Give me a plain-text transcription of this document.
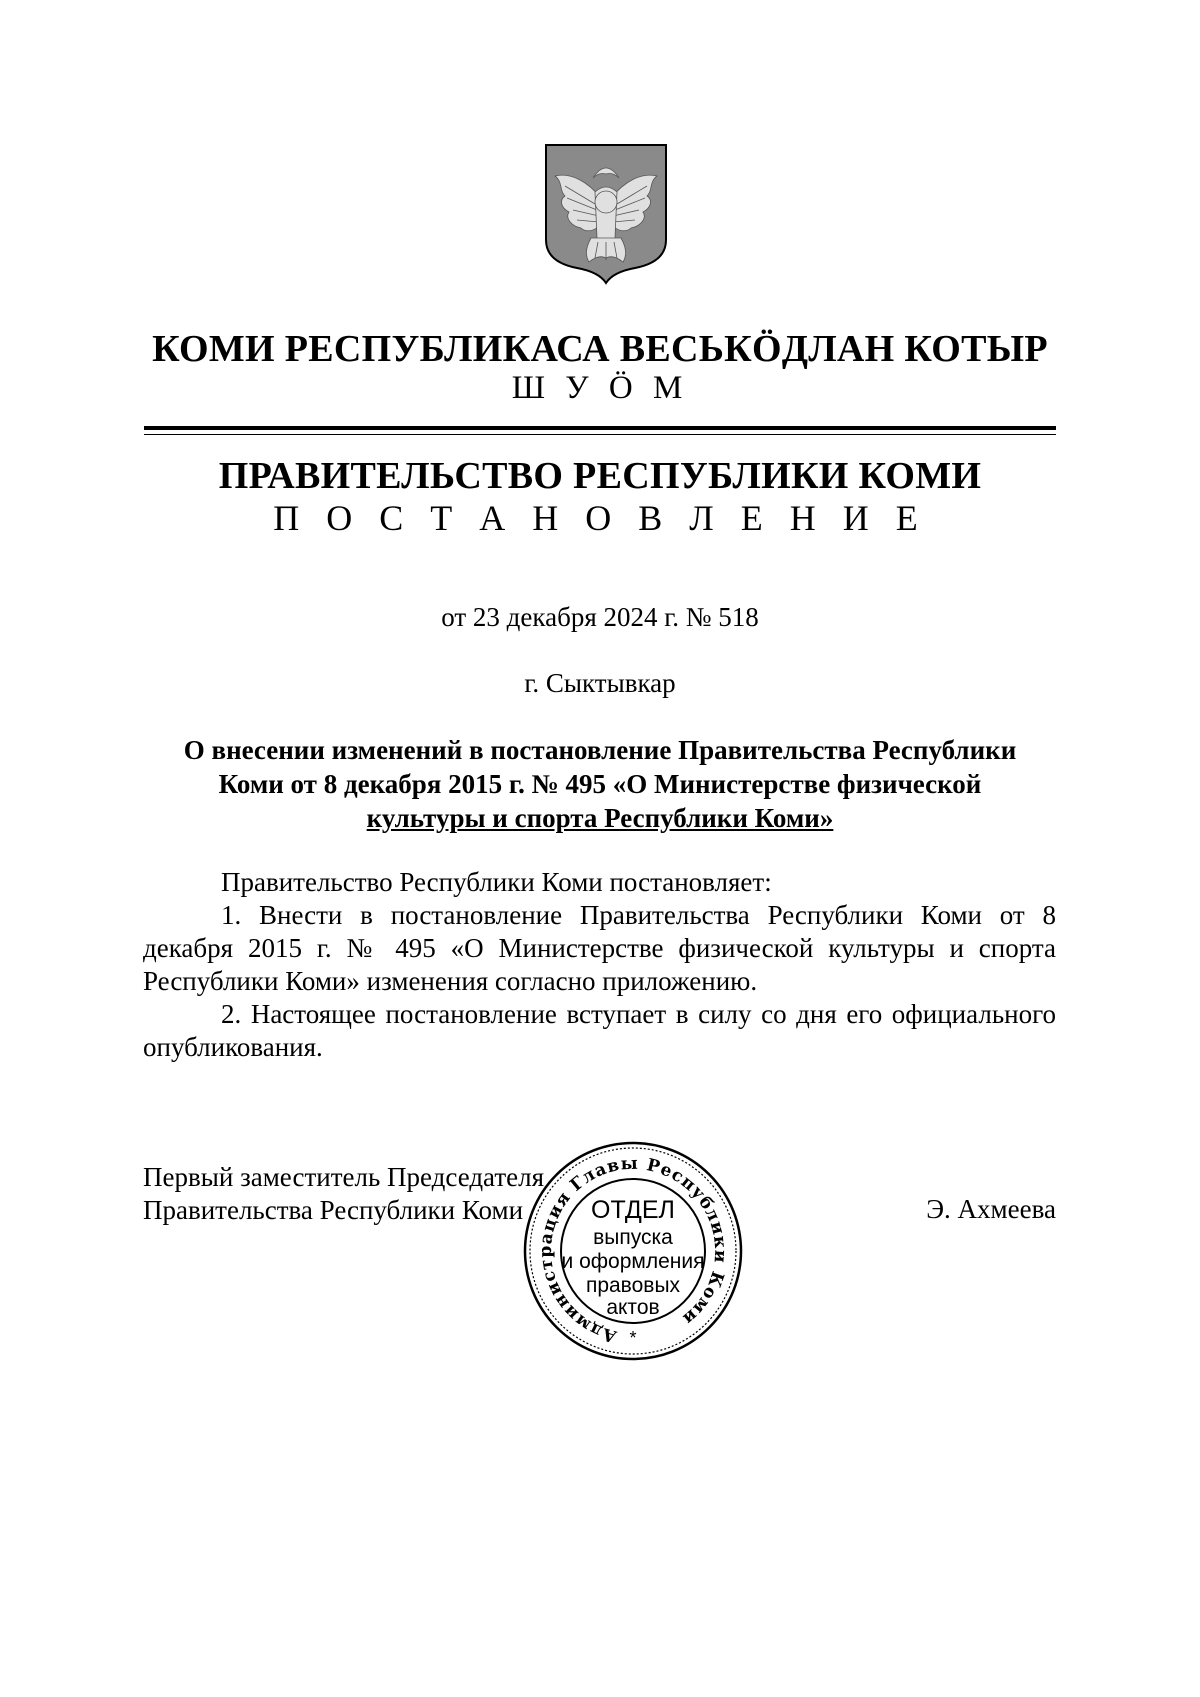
КОМИ РЕСПУБЛИКАСА ВЕСЬКӦДЛАН КОТЫР
Ш У Ӧ М
ПРАВИТЕЛЬСТВО РЕСПУБЛИКИ КОМИ
П О С Т А Н О В Л Е Н И Е
от 23 декабря 2024 г. № 518
г. Сыктывкар
О внесении изменений в постановление Правительства Республики
Коми от 8 декабря 2015 г. № 495 «О Министерстве физической
культуры и спорта Республики Коми»

Правительство Республики Коми постановляет:

1. Внести в постановление Правительства Республики Коми от 8 декабря 2015 г. № 495 «О Министерстве физической культуры и спорта Республики Коми» изменения согласно приложению.

2. Настоящее постановление вступает в силу со дня его официального опубликования.

Первый заместитель Председателя
Правительства Республики Коми	Э. Ахмеева
Администрация Главы Республики Коми
ОТДЕЛ
выпуска
и оформления
правовых
актов
*
